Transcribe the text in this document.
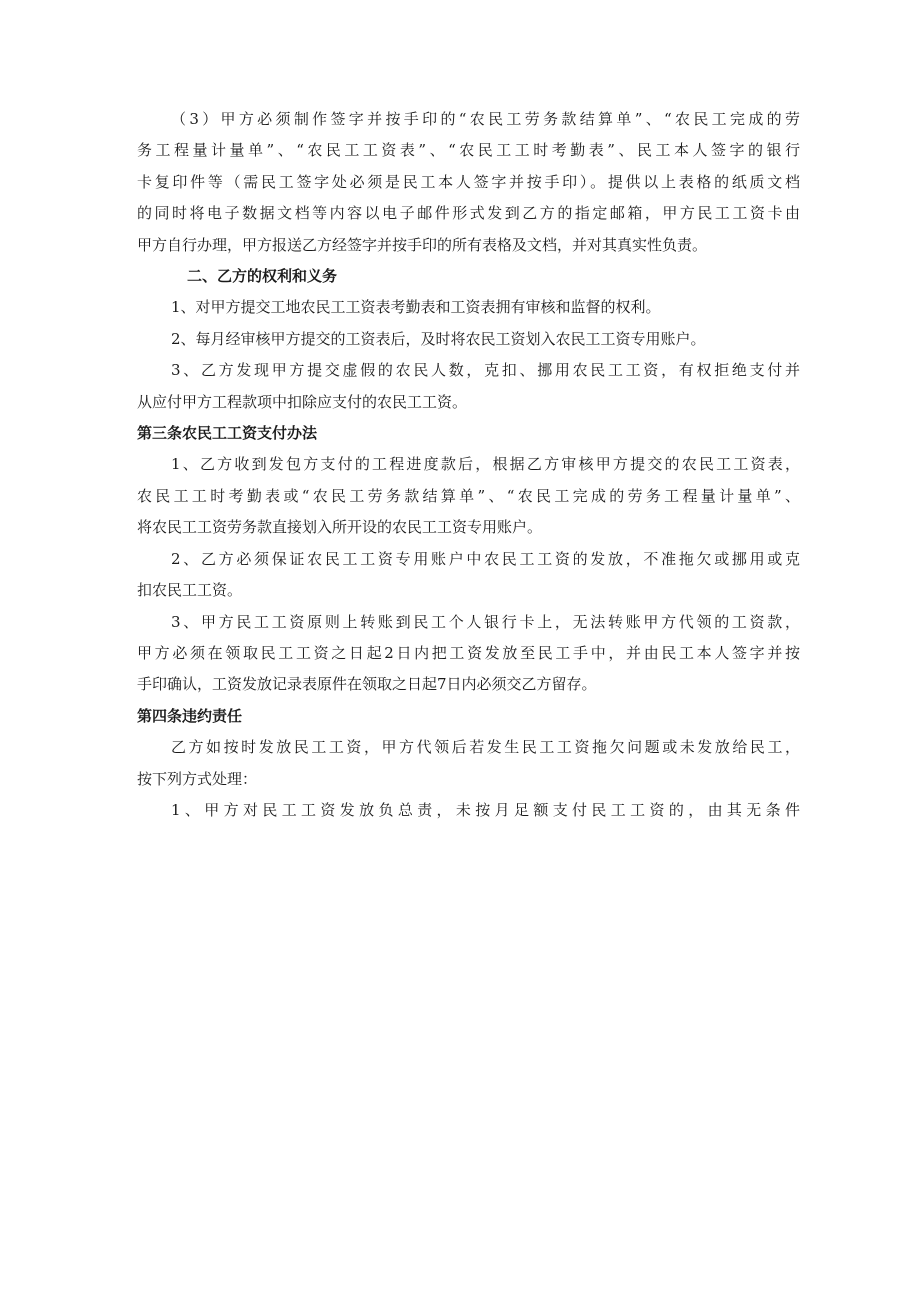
（3）甲方必须制作签字并按手印的“农民工劳务款结算单”、“农民工完成的劳
务工程量计量单”、“农民工工资表”、“农民工工时考勤表”、民工本人签字的银行
卡复印件等（需民工签字处必须是民工本人签字并按手印）。提供以上表格的纸质文档
的同时将电子数据文档等内容以电子邮件形式发到乙方的指定邮箱，甲方民工工资卡由
甲方自行办理，甲方报送乙方经签字并按手印的所有表格及文档，并对其真实性负责。
二、乙方的权利和义务
1、对甲方提交工地农民工工资表考勤表和工资表拥有审核和监督的权利。
2、每月经审核甲方提交的工资表后，及时将农民工资划入农民工工资专用账户。
3、乙方发现甲方提交虚假的农民人数，克扣、挪用农民工工资，有权拒绝支付并
从应付甲方工程款项中扣除应支付的农民工工资。
第三条农民工工资支付办法
1、乙方收到发包方支付的工程进度款后，根据乙方审核甲方提交的农民工工资表，
农民工工时考勤表或“农民工劳务款结算单”、“农民工完成的劳务工程量计量单”、
将农民工工资劳务款直接划入所开设的农民工工资专用账户。
2、乙方必须保证农民工工资专用账户中农民工工资的发放，不准拖欠或挪用或克
扣农民工工资。
3、甲方民工工资原则上转账到民工个人银行卡上，无法转账甲方代领的工资款，
甲方必须在领取民工工资之日起2日内把工资发放至民工手中，并由民工本人签字并按
手印确认，工资发放记录表原件在领取之日起7日内必须交乙方留存。
第四条违约责任
乙方如按时发放民工工资，甲方代领后若发生民工工资拖欠问题或未发放给民工，
按下列方式处理：
1、甲方对民工工资发放负总责，未按月足额支付民工工资的，由其无条件
